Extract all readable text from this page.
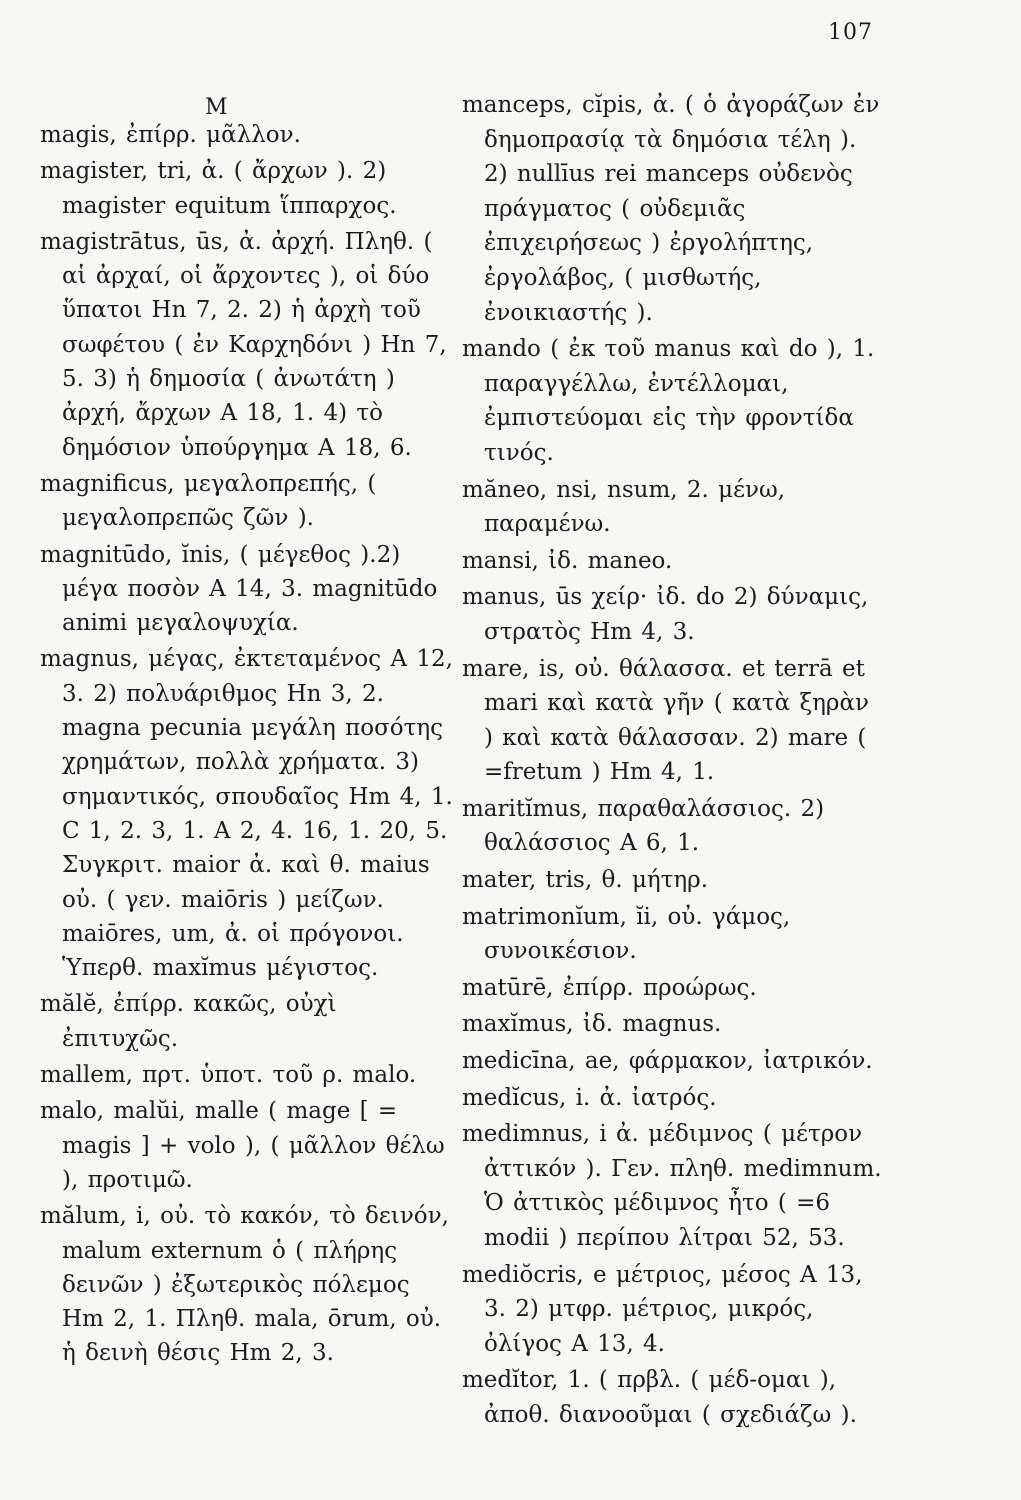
107
M

magis, ἐπίρρ. μᾶλλον.

magister, tri, ἀ. ( ἄρχων ). 2) magister equitum ἵππαρχος.

magistrātus, ūs, ἀ. ἀρχή. Πληθ. ( αἱ ἀρχαί, οἱ ἄρχοντες ), οἱ δύο ὕπατοι Hn 7, 2. 2) ἡ ἀρχὴ τοῦ σωφέτου ( ἐν Καρχηδόνι ) Hn 7, 5. 3) ἡ δημοσία ( ἀνωτάτη ) ἀρχή, ἄρχων A 18, 1. 4) τὸ δημόσιον ὑπούργημα A 18, 6.

magnificus, μεγαλοπρεπής, ( μεγαλοπρεπῶς ζῶν ).

magnitūdo, ĭnis, ( μέγεθος ).2) μέγα ποσὸν A 14, 3. magnitūdo animi μεγαλοψυχία.

magnus, μέγας, ἐκτεταμένος A 12, 3. 2) πολυάριθμος Hn 3, 2. magna pecunia μεγάλη ποσότης χρημάτων, πολλὰ χρήματα. 3) σημαντικός, σπουδαῖος Hm 4, 1. C 1, 2. 3, 1. A 2, 4. 16, 1. 20, 5. Συγκριτ. maior ἀ. καὶ θ. maius οὐ. ( γεν. maiōris ) μείζων. maiōres, um, ἀ. οἱ πρόγονοι. Ὑπερθ. maxĭmus μέγιστος.

mălĕ, ἐπίρρ. κακῶς, οὐχὶ ἐπιτυχῶς.

mallem, πρτ. ὑποτ. τοῦ ρ. malo.

malo, malŭi, malle ( mage [ = magis ] + volo ), ( μᾶλλον θέλω ), προτιμῶ.

mălum, i, οὐ. τὸ κακόν, τὸ δεινόν, malum externum ὁ ( πλήρης δεινῶν ) ἐξωτερικὸς πόλεμος Hm 2, 1. Πληθ. mala, ōrum, οὐ. ἡ δεινὴ θέσις Hm 2, 3.

manceps, cĭpis, ἀ. ( ὁ ἀγοράζων ἐν δημοπρασίᾳ τὰ δημόσια τέλη ). 2) nullīus rei manceps οὐδενὸς πράγματος ( οὐδεμιᾶς ἐπιχειρήσεως ) ἐργολήπτης, ἐργολάβος, ( μισθωτής, ἐνοικιαστής ).

mando ( ἐκ τοῦ manus καὶ do ), 1. παραγγέλλω, ἐντέλλομαι, ἐμπιστεύομαι εἰς τὴν φροντίδα τινός.

măneo, nsi, nsum, 2. μένω, παραμένω.

mansi, ἰδ. maneo.

manus, ūs χείρ· ἰδ. do 2) δύναμις, στρατὸς Hm 4, 3.

mare, is, οὐ. θάλασσα. et terrā et mari καὶ κατὰ γῆν ( κατὰ ξηρὰν ) καὶ κατὰ θάλασσαν. 2) mare ( =fretum ) Hm 4, 1.

maritĭmus, παραθαλάσσιος. 2) θαλάσσιος A 6, 1.

mater, tris, θ. μήτηρ.

matrimonĭum, ĭi, οὐ. γάμος, συνοικέσιον.

matūrē, ἐπίρρ. προώρως.

maxĭmus, ἰδ. magnus.

medicīna, ae, φάρμακον, ἰατρικόν.

medĭcus, i. ἀ. ἰατρός.

medimnus, i ἀ. μέδιμνος ( μέτρον ἀττικόν ). Γεν. πληθ. medimnum. Ὁ ἀττικὸς μέδιμνος ἦτο ( =6 modii ) περίπου λίτραι 52, 53.

mediŏcris, e μέτριος, μέσος A 13, 3. 2) μτφρ. μέτριος, μικρός, ὀλίγος A 13, 4.

medĭtor, 1. ( πρβλ. ( μέδ-ομαι ), ἀποθ. διανοοῦμαι ( σχεδιάζω ).
